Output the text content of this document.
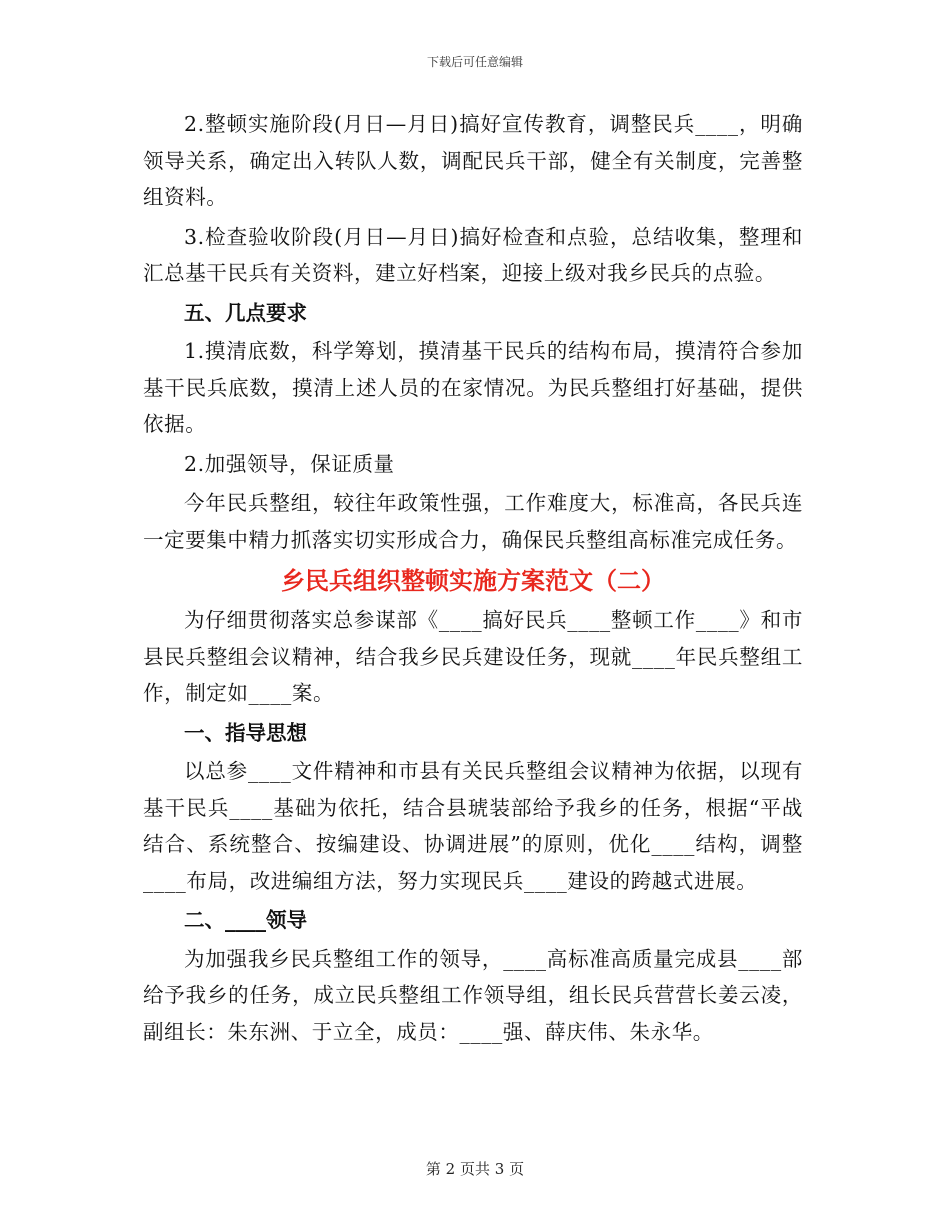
下载后可任意编辑

2.整顿实施阶段(月日—月日)搞好宣传教育，调整民兵____，明确领导关系，确定出入转队人数，调配民兵干部，健全有关制度，完善整组资料。

3.检查验收阶段(月日—月日)搞好检查和点验，总结收集，整理和汇总基干民兵有关资料，建立好档案，迎接上级对我乡民兵的点验。

五、几点要求

1.摸清底数，科学筹划，摸清基干民兵的结构布局，摸清符合参加基干民兵底数，摸清上述人员的在家情况。为民兵整组打好基础，提供依据。

2.加强领导，保证质量

今年民兵整组，较往年政策性强，工作难度大，标准高，各民兵连一定要集中精力抓落实切实形成合力，确保民兵整组高标准完成任务。

乡民兵组织整顿实施方案范文（二）

为仔细贯彻落实总参谋部《____搞好民兵____整顿工作____》和市县民兵整组会议精神，结合我乡民兵建设任务，现就____年民兵整组工作，制定如____案。

一、指导思想

以总参____文件精神和市县有关民兵整组会议精神为依据，以现有基干民兵____基础为依托，结合县琥装部给予我乡的任务，根据“平战结合、系统整合、按编建设、协调进展”的原则，优化____结构，调整____布局，改进编组方法，努力实现民兵____建设的跨越式进展。

二、____领导

为加强我乡民兵整组工作的领导，____高标准高质量完成县____部给予我乡的任务，成立民兵整组工作领导组，组长民兵营营长姜云凌，副组长：朱东洲、于立全，成员：____强、薛庆伟、朱永华。

第 2 页共 3 页
